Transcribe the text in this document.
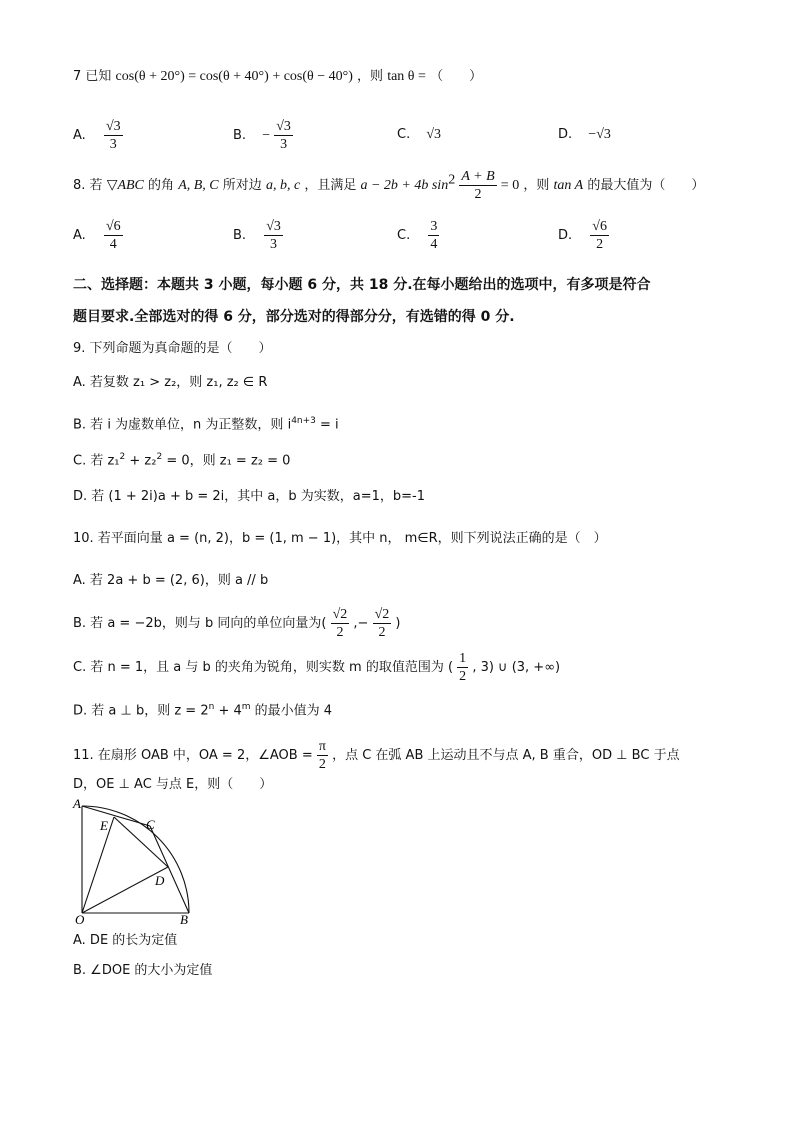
7 已知 cos(θ + 20°) = cos(θ + 40°) + cos(θ − 40°) ，则 tan θ = （　　）
A. $\frac{√3}{3}$	B. − $\frac{√3}{3}$	C. √3	D. −√3
8. 若 ▽ABC 的角 A, B, C 所对边 a, b, c ，且满足 a − 2b + 4b $\sin^2 \frac{A + B}{2} = 0$ ，则 tan A 的最大值为（　　）
A. $\frac{√6}{4}$	B. $\frac{√3}{3}$	C. $\frac{3}{4}$	D. $\frac{√6}{2}$
二、选择题：本题共 3 小题，每小题 6 分，共 18 分.在每小题给出的选项中，有多项是符合
题目要求.全部选对的得 6 分，部分选对的得部分分，有选错的得 0 分.
9. 下列命题为真命题的是（　　）
A. 若复数 z₁ > z₂，则 z₁, z₂ ∈ R
B. 若 i 为虚数单位，n 为正整数，则 $i^{4n+3} = i$
C. 若 z₁$^2$ + z₂$^2$ = 0，则 z₁ = z₂ = 0
D. 若 (1 + 2i)a + b = 2i，其中 a，b 为实数，a=1，b=-1
10. 若平面向量 a = (n, 2)，b = (1, m − 1)，其中 n， m∈R，则下列说法正确的是（　）
A. 若 2a + b = (2, 6)，则 a // b
B. 若 a = −2b，则与 b 同向的单位向量为( $\frac{√2}{2}$ ,− $\frac{√2}{2}$ )
C. 若 n = 1，且 a 与 b 的夹角为锐角，则实数 m 的取值范围为 ( $\frac{1}{2}$ , 3) ∪ (3, +∞)
D. 若 a ⊥ b，则 $z = 2^n + 4^m$ 的最小值为 4
11. 在扇形 OAB 中，OA = 2，∠AOB = $\frac{\pi}{2}$ ，点 C 在弧 AB 上运动且不与点 A, B 重合，OD ⊥ BC 于点
D，OE ⊥ AC 与点 E，则（　　）
A
E	C
D
O	B
A. DE 的长为定值
B. ∠DOE 的大小为定值
